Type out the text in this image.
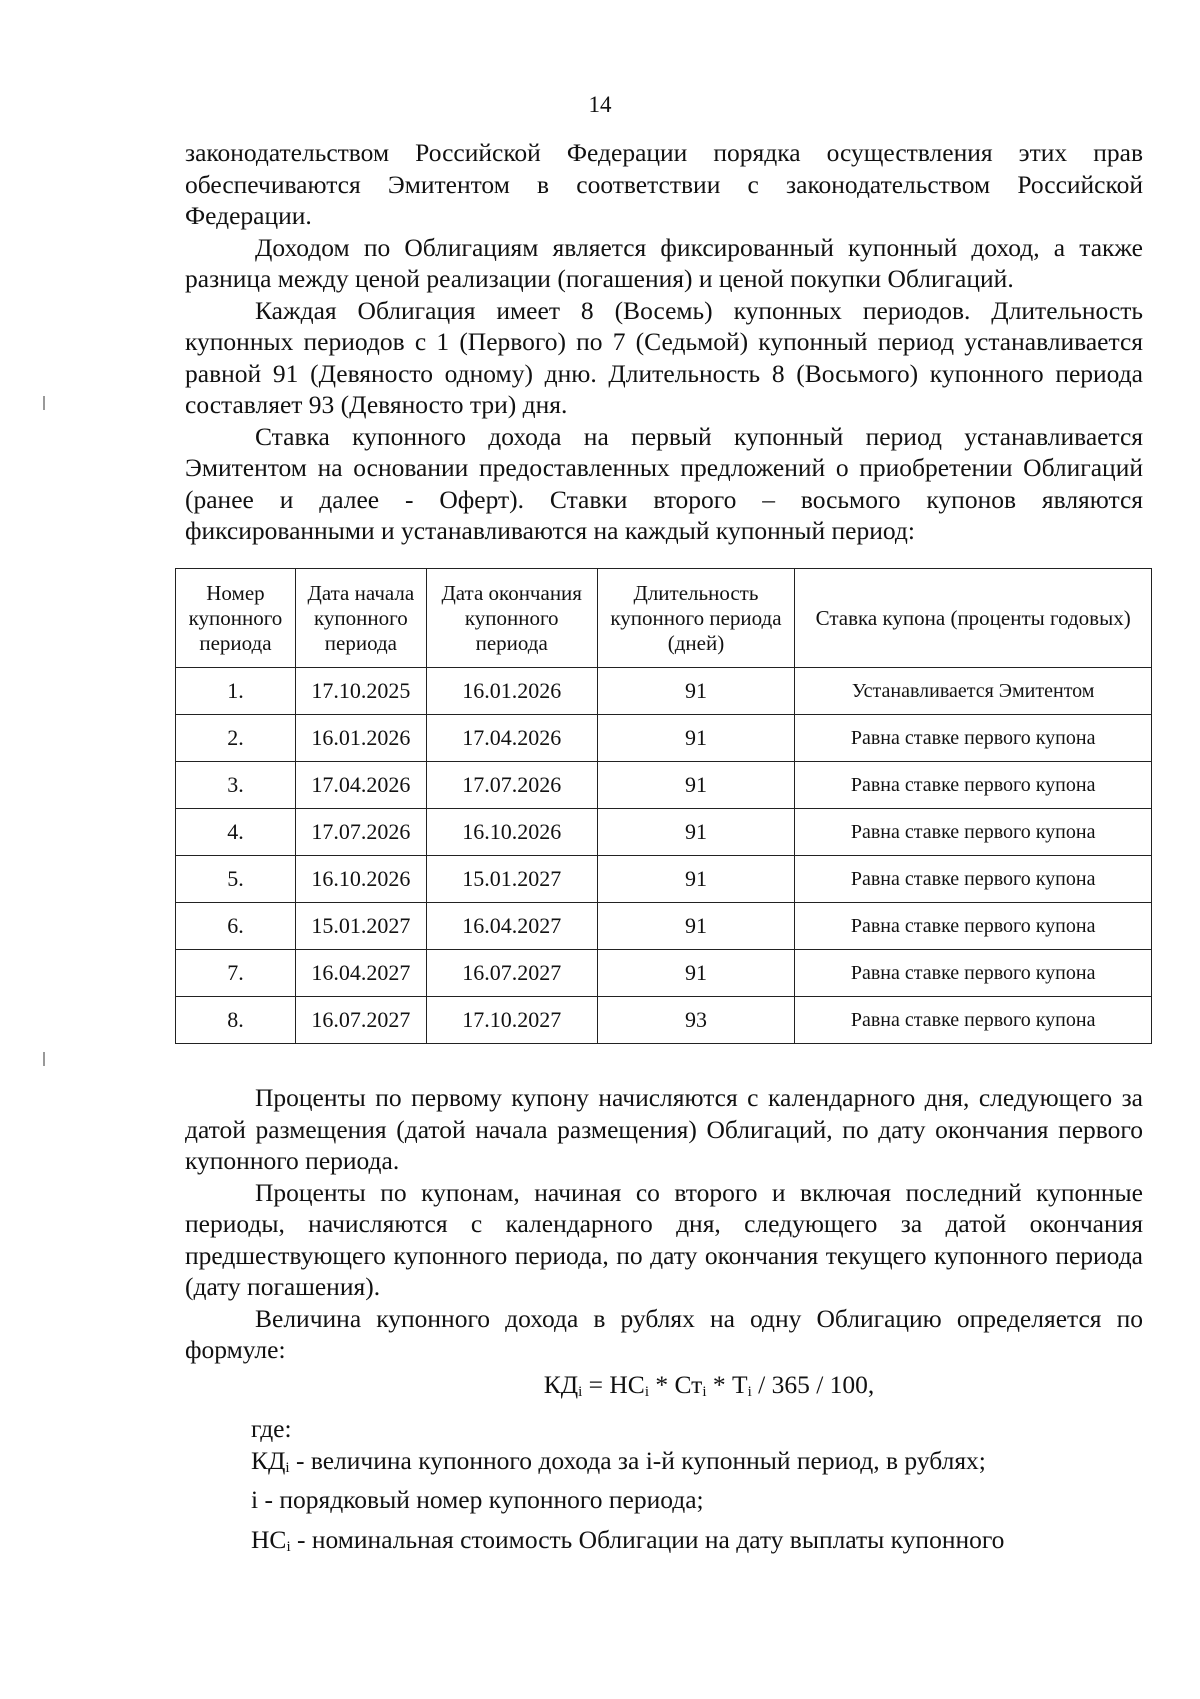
14

законодательством Российской Федерации порядка осуществления этих прав обеспечиваются Эмитентом в соответствии с законодательством Российской Федерации.

Доходом по Облигациям является фиксированный купонный доход, а также разница между ценой реализации (погашения) и ценой покупки Облигаций.

Каждая Облигация имеет 8 (Восемь) купонных периодов. Длительность купонных периодов с 1 (Первого) по 7 (Седьмой) купонный период устанавливается равной 91 (Девяносто одному) дню. Длительность 8 (Восьмого) купонного периода составляет 93 (Девяносто три) дня.

Ставка купонного дохода на первый купонный период устанавливается Эмитентом на основании предоставленных предложений о приобретении Облигаций (ранее и далее - Оферт). Ставки второго – восьмого купонов являются фиксированными и устанавливаются на каждый купонный период:

Номер купонного периода	Дата начала купонного периода	Дата окончания купонного периода	Длительность купонного периода (дней)	Ставка купона (проценты годовых)
1.	17.10.2025	16.01.2026	91	Устанавливается Эмитентом
2.	16.01.2026	17.04.2026	91	Равна ставке первого купона
3.	17.04.2026	17.07.2026	91	Равна ставке первого купона
4.	17.07.2026	16.10.2026	91	Равна ставке первого купона
5.	16.10.2026	15.01.2027	91	Равна ставке первого купона
6.	15.01.2027	16.04.2027	91	Равна ставке первого купона
7.	16.04.2027	16.07.2027	91	Равна ставке первого купона
8.	16.07.2027	17.10.2027	93	Равна ставке первого купона

Проценты по первому купону начисляются с календарного дня, следующего за датой размещения (датой начала размещения) Облигаций, по дату окончания первого купонного периода.

Проценты по купонам, начиная со второго и включая последний купонные периоды, начисляются с календарного дня, следующего за датой окончания предшествующего купонного периода, по дату окончания текущего купонного периода (дату погашения).

Величина купонного дохода в рублях на одну Облигацию определяется по формуле:

$КД_i = НС_i * Ст_i * Т_i / 365 / 100$,

где:

$КД_i$ - величина купонного дохода за i-й купонный период, в рублях;

i - порядковый номер купонного периода;

$НС_i$ - номинальная стоимость Облигации на дату выплаты купонного
